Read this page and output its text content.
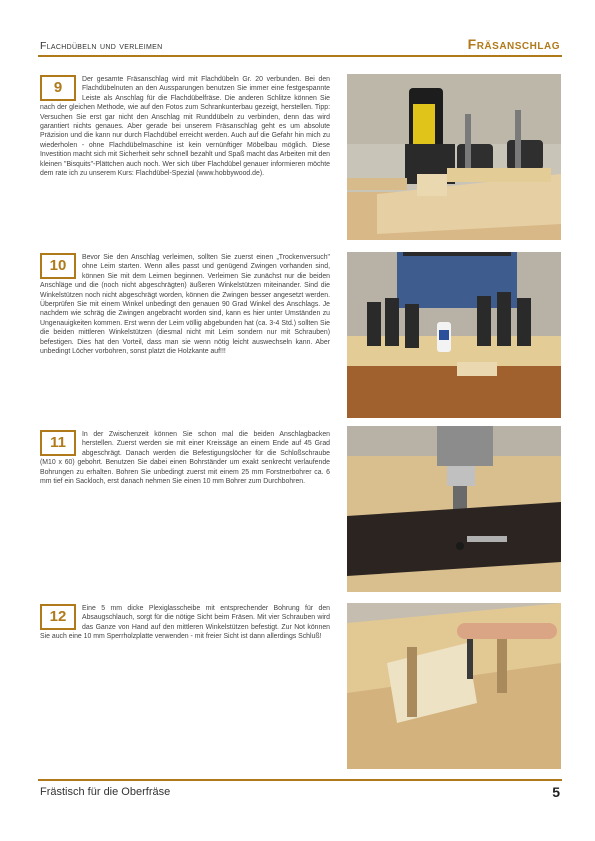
Flachdübeln und verleimen	Fräsanschlag
Der gesamte Fräsanschlag wird mit Flachdübeln Gr. 20 verbunden. Bei den Flachdübelnuten an den Aussparungen benutzen Sie immer eine festgespannte Leiste als Anschlag für die Flachdübelfräse. Die anderen Schlitze können Sie nach der gleichen Methode, wie auf den Fotos zum Schrankunterbau gezeigt, herstellen. Tipp: Versuchen Sie erst gar nicht den Anschlag mit Runddübeln zu verbinden, denn das wird garantiert nichts genaues. Aber gerade bei unserem Fräsanschlag geht es um absolute Präzision und die kann nur durch Flachdübel erreicht werden. Auch auf die Gefahr hin mich zu wiederholen - ohne Flachdübelmaschine ist kein vernünftiger Möbelbau möglich. Diese Investition macht sich mit Sicherheit sehr schnell bezahlt und Spaß macht das Arbeiten mit den kleinen "Bisquits"-Plättchen auch noch. Wer sich über Flachdübel genauer informieren möchte dem rate ich zu unserem Kurs: Flachdübel-Spezial (www.hobbywood.de).
9
Bevor Sie den Anschlag verleimen, sollten Sie zuerst einen „Trockenversuch" ohne Leim starten. Wenn alles passt und genügend Zwingen vorhanden sind, können Sie mit dem Leimen beginnen. Verleimen Sie zunächst nur die beiden Anschläge und die (noch nicht abgeschrägten) äußeren Winkelstützen miteinander. Sind die Winkelstützen noch nicht abgeschrägt worden, können die Zwingen besser angesetzt werden. Überprüfen Sie mit einem Winkel unbedingt den genauen 90 Grad Winkel des Anschlags. Je nachdem wie schräg die Zwingen angebracht worden sind, kann es hier unter Umständen zu Ungenauigkeiten kommen. Erst wenn der Leim völlig abgebunden hat (ca. 3-4 Std.) sollten Sie die beiden mittleren Winkelstützen (diesmal nicht mit Leim sondern nur mit Schrauben) befestigen. Dies hat den Vorteil, dass man sie wenn nötig leicht auswechseln kann. Aber unbedingt Löcher vorbohren, sonst platzt die Holzkante auf!!!
10
In der Zwischenzeit können Sie schon mal die beiden Anschlagbacken herstellen. Zuerst werden sie mit einer Kreissäge an einem Ende auf 45 Grad abgeschrägt. Danach werden die Befestigungslöcher für die Schloßschraube (M10 x 60) gebohrt. Benutzen Sie dabei einen Bohrständer um exakt senkrecht verlaufende Bohrungen zu erhalten. Bohren Sie unbedingt zuerst mit einem 25 mm Forstnerbohrer ca. 6 mm tief ein Sackloch, erst danach nehmen Sie einen 10 mm Bohrer zum Durchbohren.
11
Eine 5 mm dicke Plexiglasscheibe mit entsprechender Bohrung für den Absaugschlauch, sorgt für die nötige Sicht beim Fräsen. Mit vier Schrauben wird das Ganze von Hand auf den mittleren Winkelstützen befestigt. Zur Not können Sie auch eine 10 mm Sperrholzplatte verwenden - mit freier Sicht ist dann allerdings Schluß!
12
Frästisch für die Oberfräse	5
